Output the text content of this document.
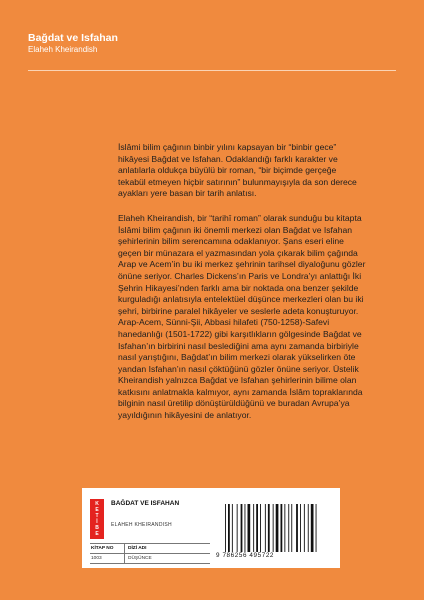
Bağdat ve Isfahan
Elaheh Kheirandish

İslâmi bilim çağının binbir yılını kapsayan bir “binbir gece” hikâyesi Bağdat ve Isfahan. Odaklandığı farklı karakter ve anlatılarla oldukça büyülü bir roman, “bir biçimde gerçeğe tekabül etmeyen hiçbir satırının” bulunmayışıyla da son derece ayakları yere basan bir tarih anlatısı.

Elaheh Kheirandish, bir “tarihî roman” olarak sunduğu bu kitapta İslâmi bilim çağının iki önemli merkezi olan Bağdat ve Isfahan şehirlerinin bilim serencamına odaklanıyor. Şans eseri eline geçen bir münazara el yazmasından yola çıkarak bilim çağında Arap ve Acem’in bu iki merkez şehrinin tarihsel diyaloğunu gözler önüne seriyor. Charles Dickens’ın Paris ve Londra’yı anlattığı İki Şehrin Hikayesi’nden farklı ama bir noktada ona benzer şekilde kurguladığı anlatısıyla entelektüel düşünce merkezleri olan bu iki şehri, birbirine paralel hikâyeler ve seslerle adeta konuşturuyor. Arap-Acem, Sünni-Şii, Abbasi hilafeti (750-1258)-Safevi hanedanlığı (1501-1722) gibi karşıtlıkların gölgesinde Bağdat ve Isfahan’ın birbirini nasıl beslediğini ama aynı zamanda birbiriyle nasıl yarıştığını, Bağdat’ın bilim merkezi olarak yükselirken öte yandan Isfahan’ın nasıl çöktüğünü gözler önüne seriyor. Üstelik Kheirandish yalnızca Bağdat ve Isfahan şehirlerinin bilime olan katkısını anlatmakla kalmıyor, aynı zamanda İslâm topraklarında bilginin nasıl üretilip dönüştürüldüğünü ve buradan Avrupa’ya yayıldığının hikâyesini de anlatıyor.

K
E
T
İ
B
E
BAĞDAT VE ISFAHAN
ELAHEH KHEIRANDISH
KİTAP NO	DİZİ ADI
1003	DÜŞÜNCE	9 786256 495722
